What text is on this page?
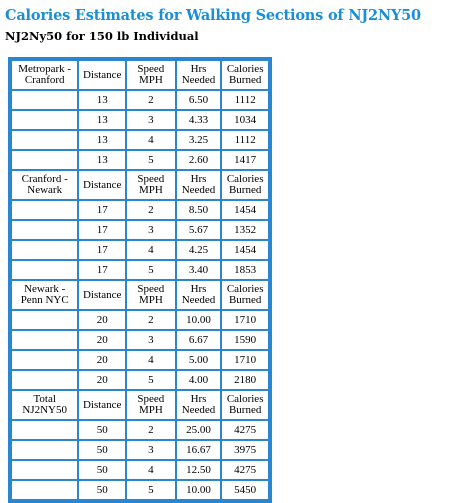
Calories Estimates for Walking Sections of NJ2NY50
NJ2Ny50 for 150 lb Individual
Metropark - Cranford	Distance	Speed MPH	Hrs Needed	Calories Burned
	13	2	6.50	1112
	13	3	4.33	1034
	13	4	3.25	1112
	13	5	2.60	1417
Cranford - Newark	Distance	Speed MPH	Hrs Needed	Calories Burned
	17	2	8.50	1454
	17	3	5.67	1352
	17	4	4.25	1454
	17	5	3.40	1853
Newark - Penn NYC	Distance	Speed MPH	Hrs Needed	Calories Burned
	20	2	10.00	1710
	20	3	6.67	1590
	20	4	5.00	1710
	20	5	4.00	2180
Total NJ2NY50	Distance	Speed MPH	Hrs Needed	Calories Burned
	50	2	25.00	4275
	50	3	16.67	3975
	50	4	12.50	4275
	50	5	10.00	5450
